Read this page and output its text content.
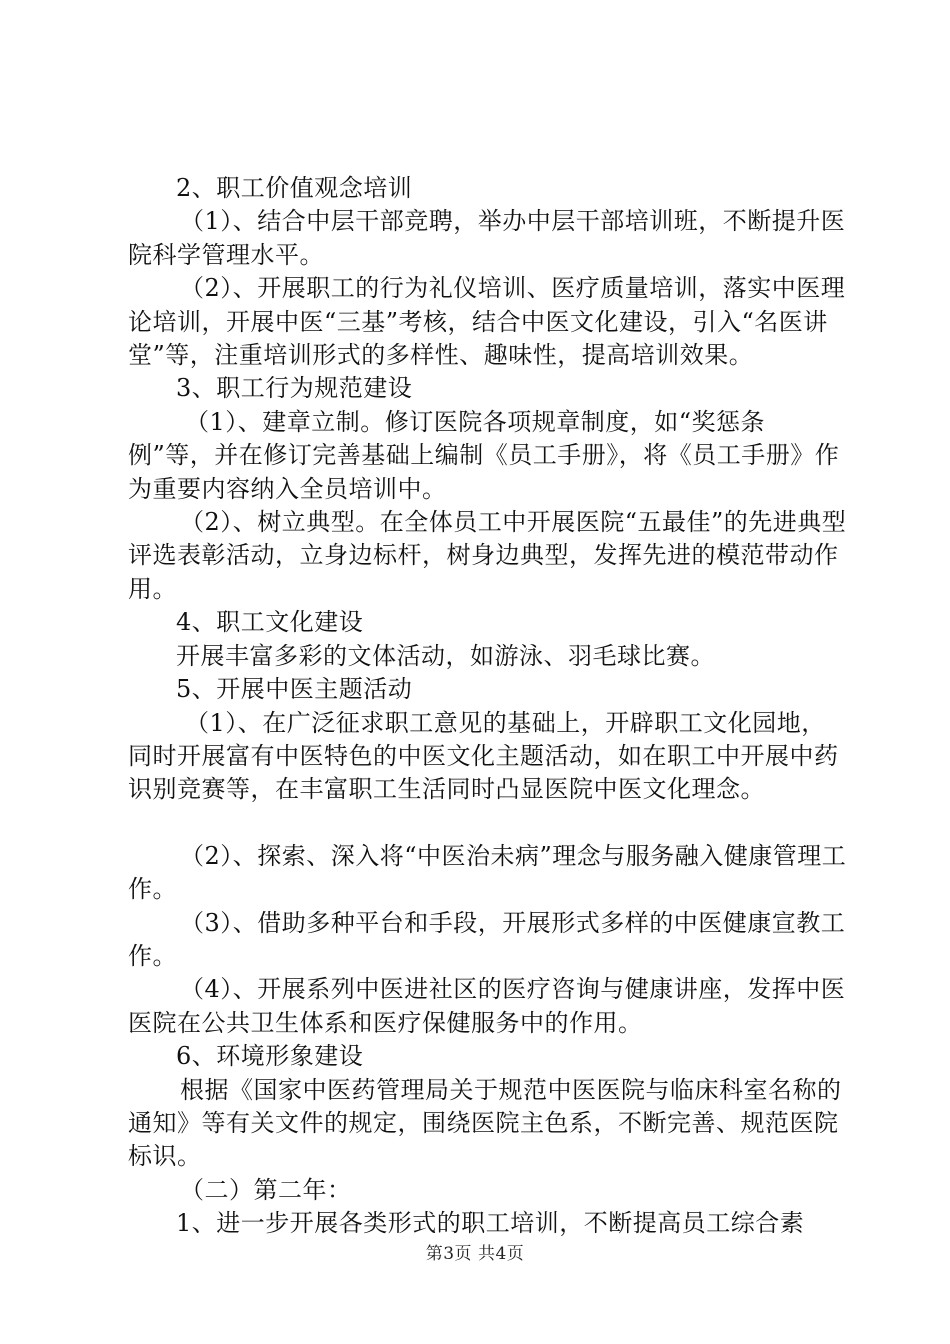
2、职工价值观念培训

（1）、结合中层干部竞聘，举办中层干部培训班，不断提升医院科学管理水平。

（2）、开展职工的行为礼仪培训、医疗质量培训，落实中医理论培训，开展中医“三基”考核，结合中医文化建设，引入“名医讲堂”等，注重培训形式的多样性、趣味性，提高培训效果。

3、职工行为规范建设

（1）、建章立制。修订医院各项规章制度，如“奖惩条例”等，并在修订完善基础上编制《员工手册》，将《员工手册》作为重要内容纳入全员培训中。

（2）、树立典型。在全体员工中开展医院“五最佳”的先进典型评选表彰活动，立身边标杆，树身边典型，发挥先进的模范带动作用。

4、职工文化建设

开展丰富多彩的文体活动，如游泳、羽毛球比赛。

5、开展中医主题活动

（1）、在广泛征求职工意见的基础上，开辟职工文化园地，同时开展富有中医特色的中医文化主题活动，如在职工中开展中药识别竞赛等，在丰富职工生活同时凸显医院中医文化理念。

（2）、探索、深入将“中医治未病”理念与服务融入健康管理工作。

（3）、借助多种平台和手段，开展形式多样的中医健康宣教工作。

（4）、开展系列中医进社区的医疗咨询与健康讲座，发挥中医医院在公共卫生体系和医疗保健服务中的作用。

6、环境形象建设

根据《国家中医药管理局关于规范中医医院与临床科室名称的通知》等有关文件的规定，围绕医院主色系，不断完善、规范医院标识。

（二）第二年：

1、进一步开展各类形式的职工培训，不断提高员工综合素

第3页 共4页
